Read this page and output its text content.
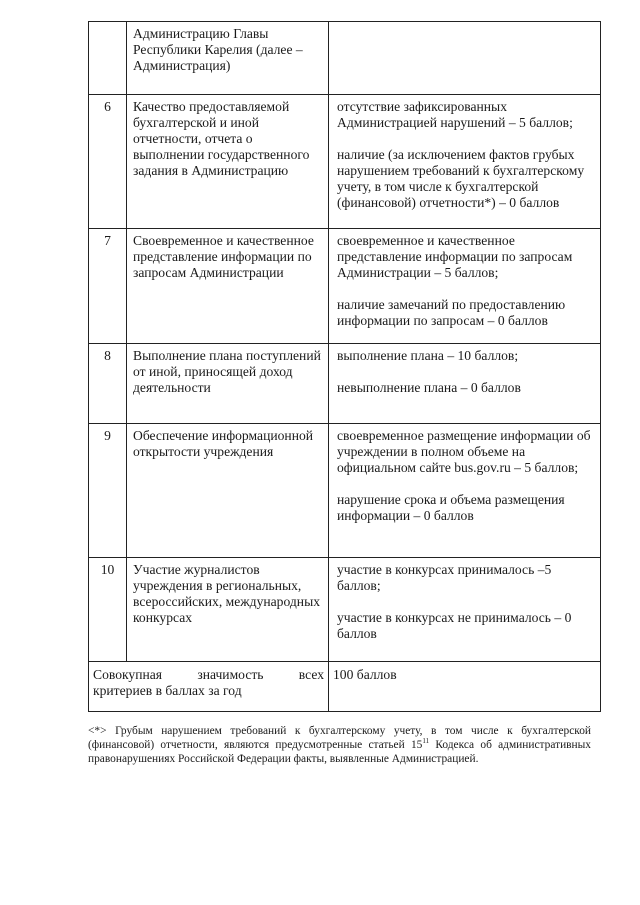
	Администрацию Главы Республики Карелия (далее – Администрация)	
6	Качество предоставляемой бухгалтерской и иной отчетности, отчета о выполнении государственного задания в Администрацию	отсутствие зафиксированных Администрацией нарушений – 5 баллов;
наличие (за исключением фактов грубых нарушением требований к бухгалтерскому учету, в том числе к бухгалтерской (финансовой) отчетности*) – 0 баллов

7	Своевременное и качественное представление информации по запросам Администрации	своевременное и качественное представление информации по запросам Администрации – 5 баллов;
наличие замечаний по предоставлению информации по запросам – 0 баллов

8	Выполнение плана поступлений от иной, приносящей доход деятельности	выполнение плана – 10 баллов;
невыполнение плана – 0 баллов

9	Обеспечение информационной открытости учреждения	своевременное размещение информации об учреждении в полном объеме на официальном сайте bus.gov.ru – 5 баллов;
нарушение срока и объема размещения информации – 0 баллов

10	Участие журналистов учреждения в региональных, всероссийских, международных конкурсах	участие в конкурсах принималось –5 баллов;
участие в конкурсах не принималось – 0 баллов

Совокупная значимость всех
критериев в баллах за год		100 баллов
<*> Грубым нарушением требований к бухгалтерскому учету, в том числе к бухгалтерской (финансовой) отчетности, являются предусмотренные статьей $15^{11}$ Кодекса об административных правонарушениях Российской Федерации факты, выявленные Администрацией.
